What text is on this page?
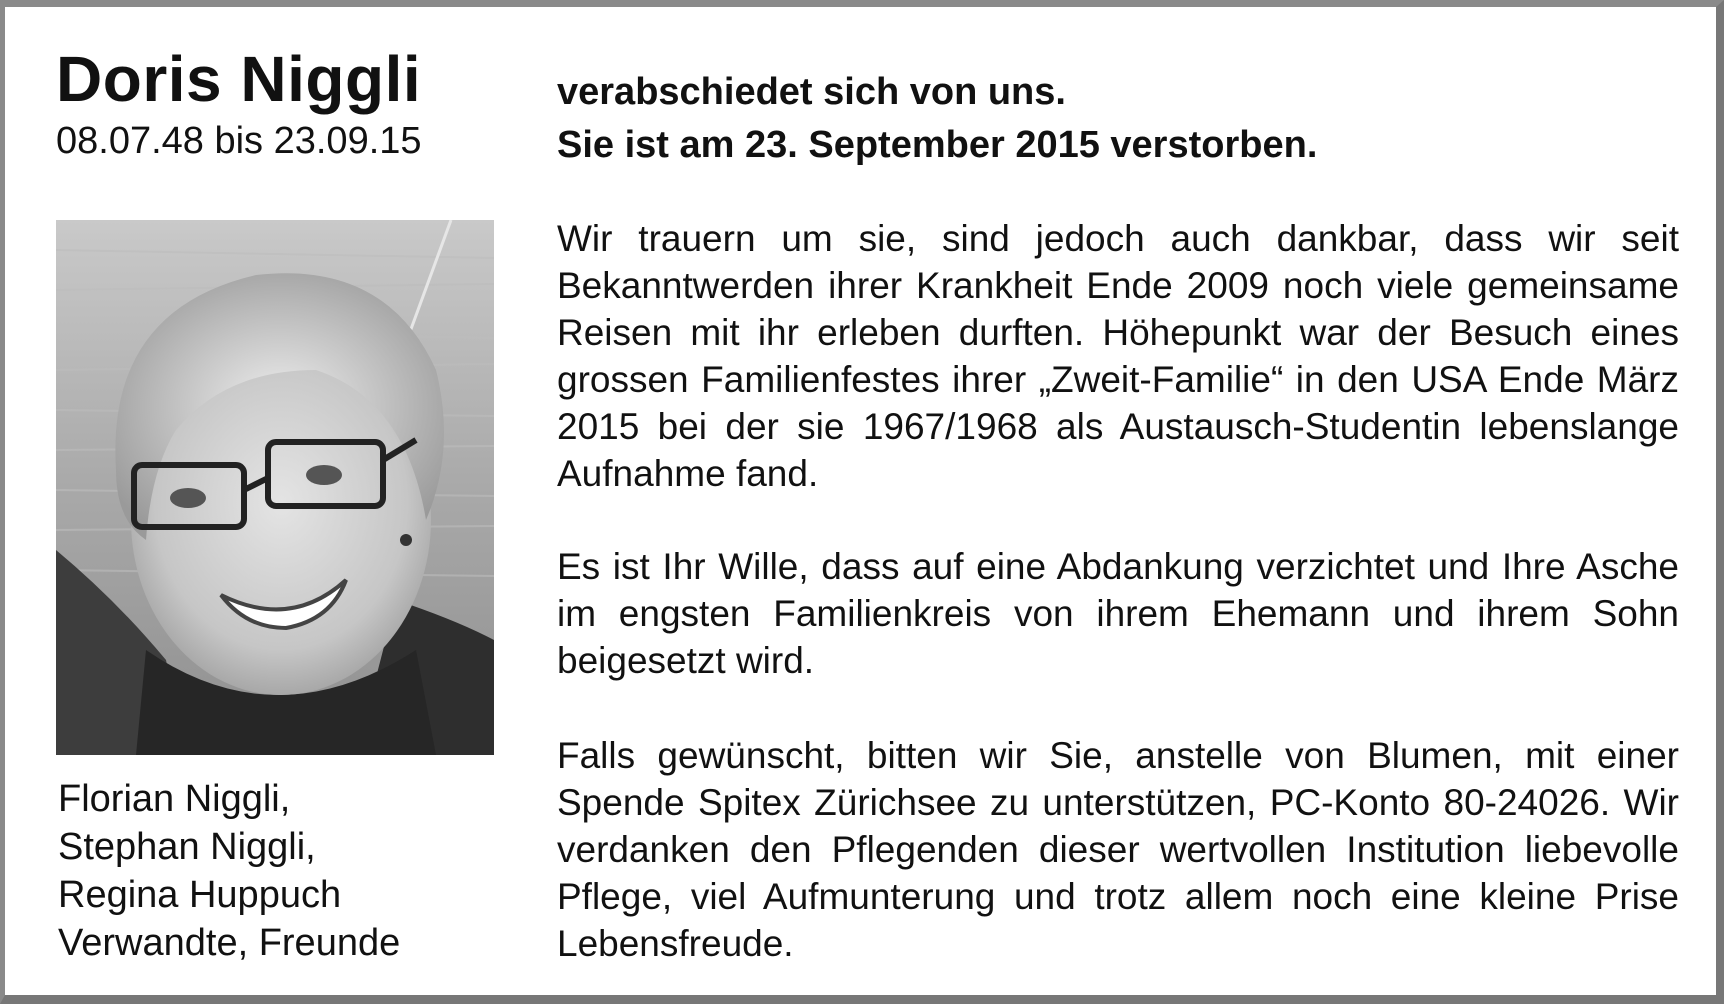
Doris Niggli

08.07.48 bis 23.09.15

Florian Niggli,
Stephan Niggli,
Regina Huppuch
Verwandte, Freunde

verabschiedet sich von uns.

Sie ist am 23. September 2015 verstorben.

Wir trauern um sie, sind jedoch auch dankbar, dass wir seit Bekanntwerden ihrer Krankheit Ende 2009 noch viele gemeinsame Reisen mit ihr erleben durften. Höhepunkt war der Besuch eines grossen Familienfestes ihrer „Zweit-Familie“ in den USA Ende März 2015 bei der sie 1967/1968 als Austausch-Studentin lebenslange Aufnahme fand.

Es ist Ihr Wille, dass auf eine Abdankung verzichtet und Ihre Asche im engsten Familienkreis von ihrem Ehemann und ihrem Sohn beigesetzt wird.

Falls gewünscht, bitten wir Sie, anstelle von Blumen, mit einer Spende Spitex Zürichsee zu unterstützen, PC-Konto 80-24026. Wir verdanken den Pflegenden dieser wertvollen Institution liebevolle Pflege, viel Aufmunterung und trotz allem noch eine kleine Prise Lebensfreude.
